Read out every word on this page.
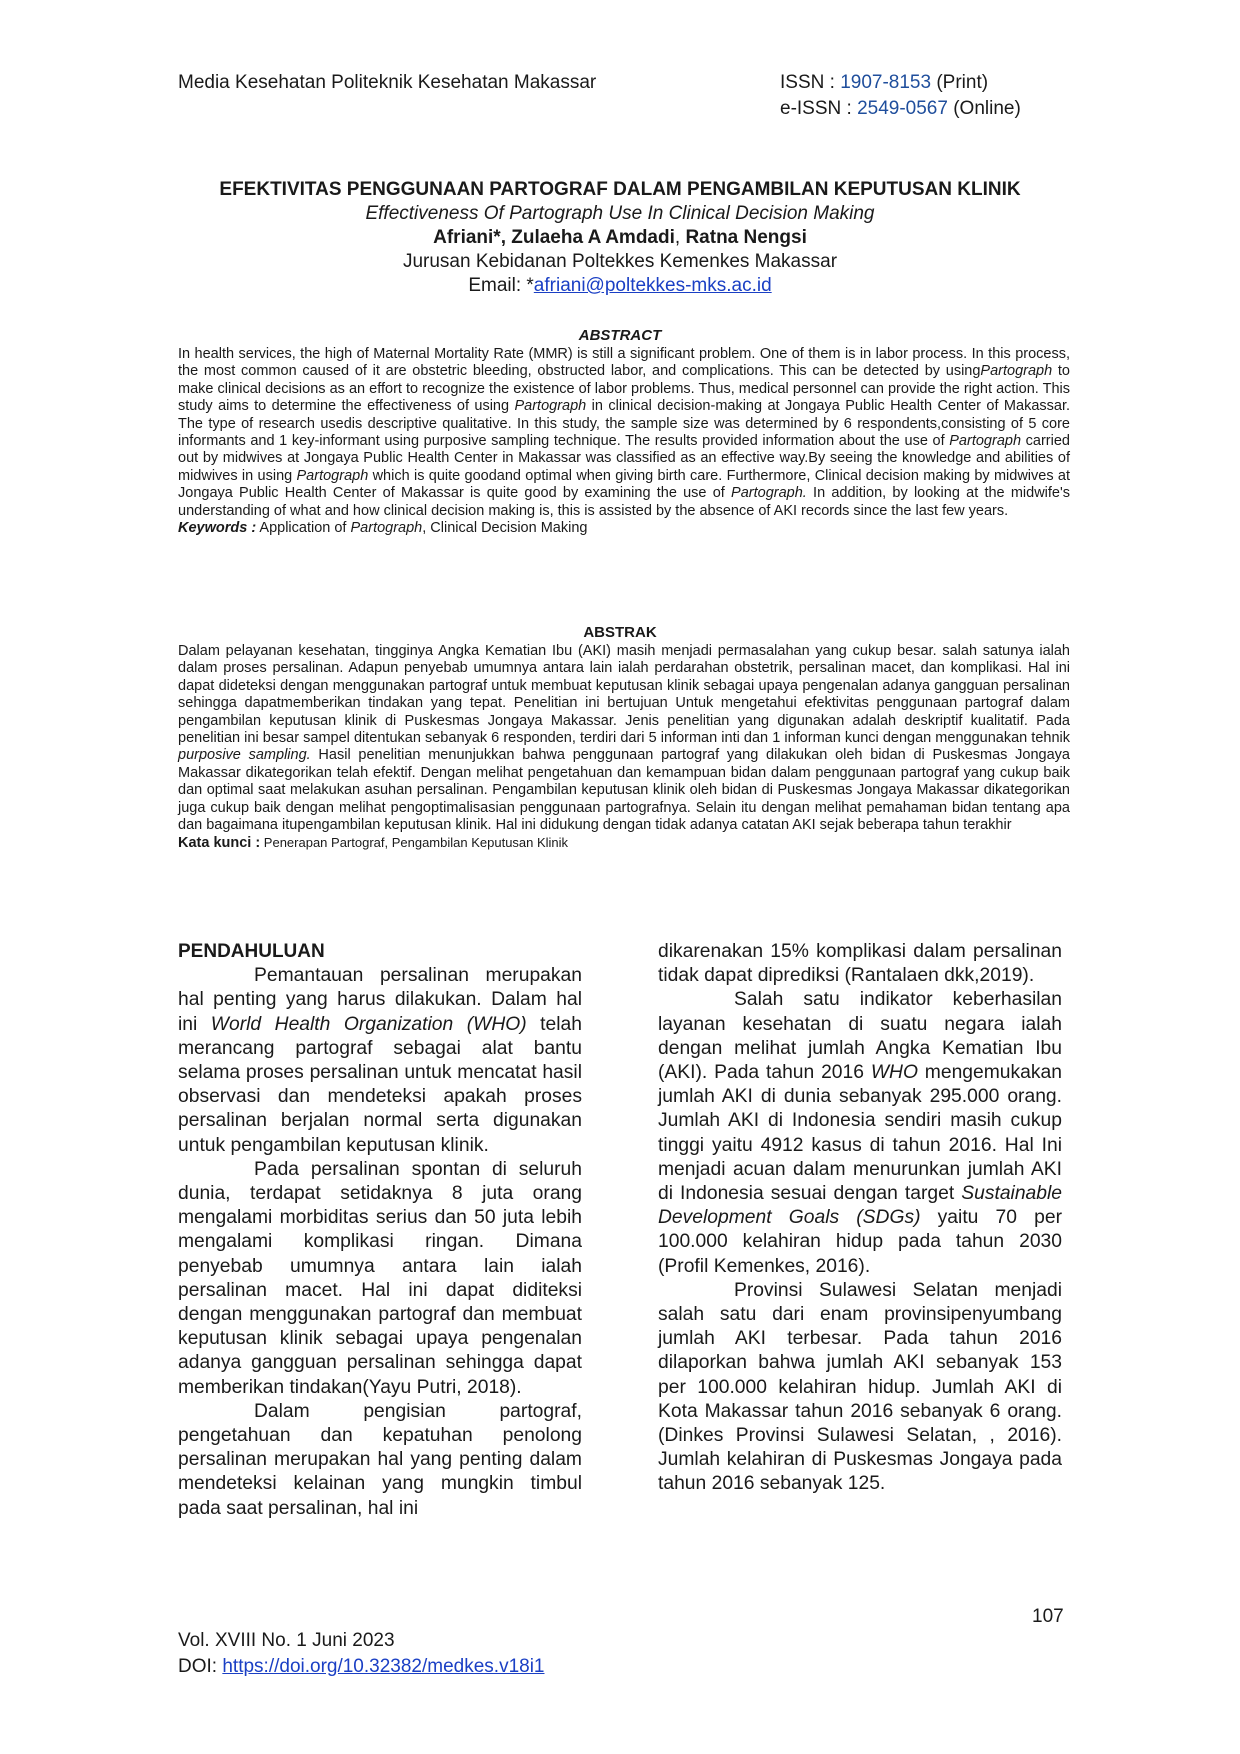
Media Kesehatan Politeknik Kesehatan Makassar	ISSN : 1907-8153 (Print)
e-ISSN : 2549-0567 (Online)
EFEKTIVITAS PENGGUNAAN PARTOGRAF DALAM PENGAMBILAN KEPUTUSAN KLINIK
Effectiveness Of Partograph Use In Clinical Decision Making
Afriani*, Zulaeha A Amdadi, Ratna Nengsi
Jurusan Kebidanan Poltekkes Kemenkes Makassar
Email: *afriani@poltekkes-mks.ac.id
ABSTRACT

In health services, the high of Maternal Mortality Rate (MMR) is still a significant problem. One of them is in labor process. In this process, the most common caused of it are obstetric bleeding, obstructed labor, and complications. This can be detected by usingPartograph to make clinical decisions as an effort to recognize the existence of labor problems. Thus, medical personnel can provide the right action. This study aims to determine the effectiveness of using Partograph in clinical decision-making at Jongaya Public Health Center of Makassar. The type of research usedis descriptive qualitative. In this study, the sample size was determined by 6 respondents,consisting of 5 core informants and 1 key-informant using purposive sampling technique. The results provided information about the use of Partograph carried out by midwives at Jongaya Public Health Center in Makassar was classified as an effective way.By seeing the knowledge and abilities of midwives in using Partograph which is quite goodand optimal when giving birth care. Furthermore, Clinical decision making by midwives at Jongaya Public Health Center of Makassar is quite good by examining the use of Partograph. In addition, by looking at the midwife's understanding of what and how clinical decision making is, this is assisted by the absence of AKI records since the last few years.

Keywords : Application of Partograph, Clinical Decision Making

ABSTRAK

Dalam pelayanan kesehatan, tingginya Angka Kematian Ibu (AKI) masih menjadi permasalahan yang cukup besar. salah satunya ialah dalam proses persalinan. Adapun penyebab umumnya antara lain ialah perdarahan obstetrik, persalinan macet, dan komplikasi. Hal ini dapat dideteksi dengan menggunakan partograf untuk membuat keputusan klinik sebagai upaya pengenalan adanya gangguan persalinan sehingga dapatmemberikan tindakan yang tepat. Penelitian ini bertujuan Untuk mengetahui efektivitas penggunaan partograf dalam pengambilan keputusan klinik di Puskesmas Jongaya Makassar. Jenis penelitian yang digunakan adalah deskriptif kualitatif. Pada penelitian ini besar sampel ditentukan sebanyak 6 responden, terdiri dari 5 informan inti dan 1 informan kunci dengan menggunakan tehnik purposive sampling. Hasil penelitian menunjukkan bahwa penggunaan partograf yang dilakukan oleh bidan di Puskesmas Jongaya Makassar dikategorikan telah efektif. Dengan melihat pengetahuan dan kemampuan bidan dalam penggunaan partograf yang cukup baik dan optimal saat melakukan asuhan persalinan. Pengambilan keputusan klinik oleh bidan di Puskesmas Jongaya Makassar dikategorikan juga cukup baik dengan melihat pengoptimalisasian penggunaan partografnya. Selain itu dengan melihat pemahaman bidan tentang apa dan bagaimana itupengambilan keputusan klinik. Hal ini didukung dengan tidak adanya catatan AKI sejak beberapa tahun terakhir

Kata kunci : Penerapan Partograf, Pengambilan Keputusan Klinik

PENDAHULUAN

Pemantauan persalinan merupakan hal penting yang harus dilakukan. Dalam hal ini World Health Organization (WHO) telah merancang partograf sebagai alat bantu selama proses persalinan untuk mencatat hasil observasi dan mendeteksi apakah proses persalinan berjalan normal serta digunakan untuk pengambilan keputusan klinik.

Pada persalinan spontan di seluruh dunia, terdapat setidaknya 8 juta orang mengalami morbiditas serius dan 50 juta lebih mengalami komplikasi ringan. Dimana penyebab umumnya antara lain ialah persalinan macet. Hal ini dapat diditeksi dengan menggunakan partograf dan membuat keputusan klinik sebagai upaya pengenalan adanya gangguan persalinan sehingga dapat memberikan tindakan(Yayu Putri, 2018).

Dalam pengisian partograf, pengetahuan dan kepatuhan penolong persalinan merupakan hal yang penting dalam mendeteksi kelainan yang mungkin timbul pada saat persalinan, hal ini

dikarenakan 15% komplikasi dalam persalinan tidak dapat diprediksi (Rantalaen dkk,2019).

Salah satu indikator keberhasilan layanan kesehatan di suatu negara ialah dengan melihat jumlah Angka Kematian Ibu (AKI). Pada tahun 2016 WHO mengemukakan jumlah AKI di dunia sebanyak 295.000 orang. Jumlah AKI di Indonesia sendiri masih cukup tinggi yaitu 4912 kasus di tahun 2016. Hal Ini menjadi acuan dalam menurunkan jumlah AKI di Indonesia sesuai dengan target Sustainable Development Goals (SDGs) yaitu 70 per 100.000 kelahiran hidup pada tahun 2030 (Profil Kemenkes, 2016).

Provinsi Sulawesi Selatan menjadi salah satu dari enam provinsipenyumbang jumlah AKI terbesar. Pada tahun 2016 dilaporkan bahwa jumlah AKI sebanyak 153 per 100.000 kelahiran hidup. Jumlah AKI di Kota Makassar tahun 2016 sebanyak 6 orang. (Dinkes Provinsi Sulawesi Selatan, , 2016). Jumlah kelahiran di Puskesmas Jongaya pada tahun 2016 sebanyak 125.

107
Vol. XVIII No. 1 Juni 2023
DOI: https://doi.org/10.32382/medkes.v18i1
